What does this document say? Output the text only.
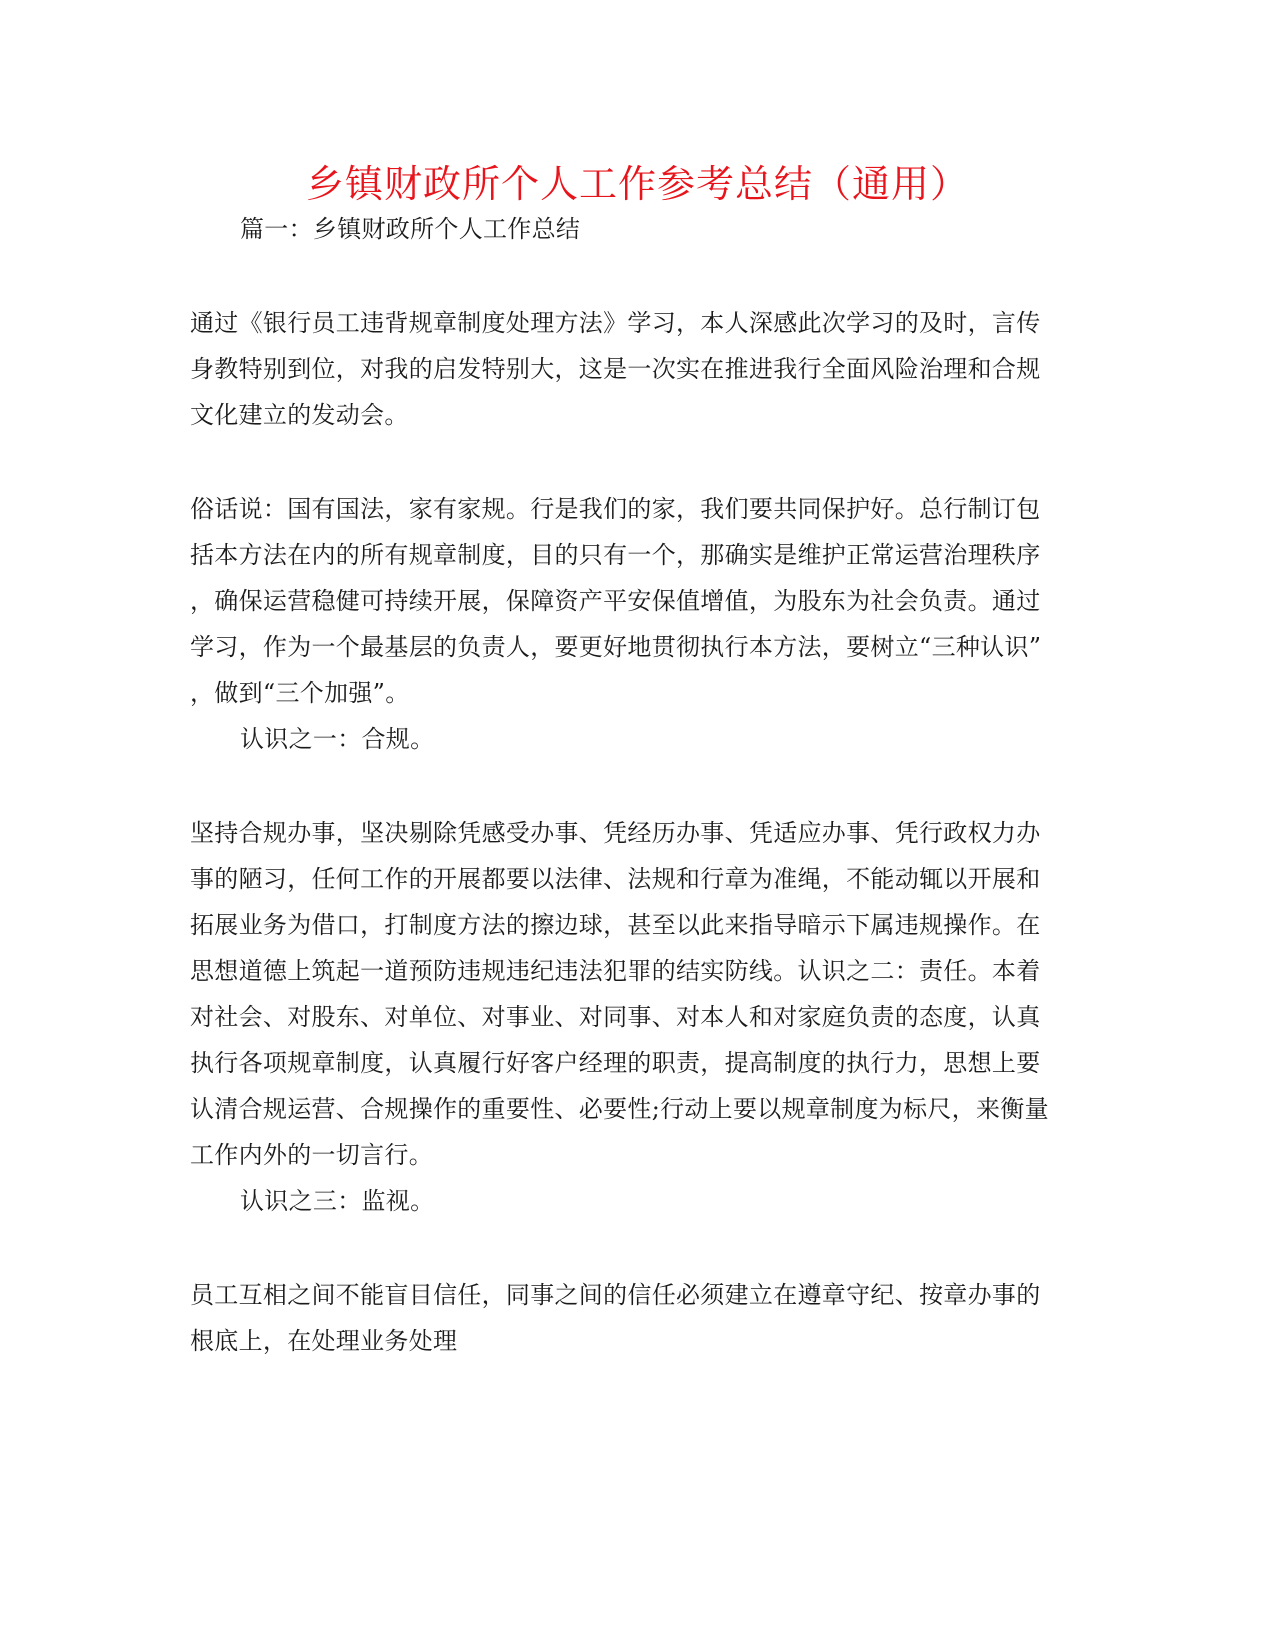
乡镇财政所个人工作参考总结（通用）
篇一：乡镇财政所个人工作总结
通过《银行员工违背规章制度处理方法》学习，本人深感此次学习的及时，言传
身教特别到位，对我的启发特别大，这是一次实在推进我行全面风险治理和合规
文化建立的发动会。
俗话说：国有国法，家有家规。行是我们的家，我们要共同保护好。总行制订包
括本方法在内的所有规章制度，目的只有一个，那确实是维护正常运营治理秩序
，确保运营稳健可持续开展，保障资产平安保值增值，为股东为社会负责。通过
学习，作为一个最基层的负责人，要更好地贯彻执行本方法，要树立“三种认识”
，做到“三个加强”。
认识之一：合规。
坚持合规办事，坚决剔除凭感受办事、凭经历办事、凭适应办事、凭行政权力办
事的陋习，任何工作的开展都要以法律、法规和行章为准绳，不能动辄以开展和
拓展业务为借口，打制度方法的擦边球，甚至以此来指导暗示下属违规操作。在
思想道德上筑起一道预防违规违纪违法犯罪的结实防线。认识之二：责任。本着
对社会、对股东、对单位、对事业、对同事、对本人和对家庭负责的态度，认真
执行各项规章制度，认真履行好客户经理的职责，提高制度的执行力，思想上要
认清合规运营、合规操作的重要性、必要性;行动上要以规章制度为标尺，来衡量
工作内外的一切言行。
认识之三：监视。
员工互相之间不能盲目信任，同事之间的信任必须建立在遵章守纪、按章办事的
根底上，在处理业务处理
